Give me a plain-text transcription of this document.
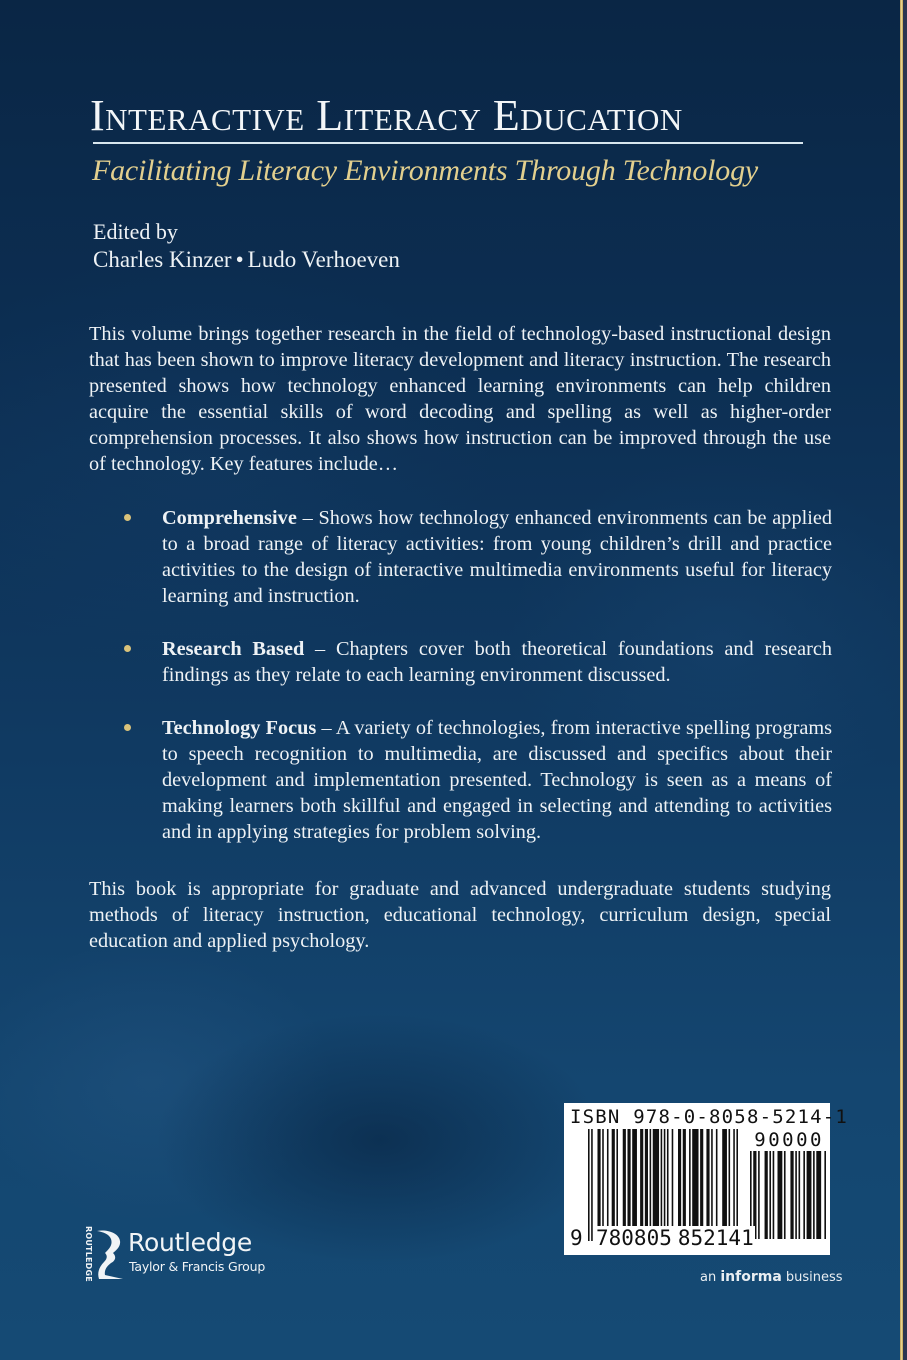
Interactive Literacy Education
Facilitating Literacy Environments Through Technology
Edited by
Charles Kinzer • Ludo Verhoeven

This volume brings together research in the field of technology-based instructional design that has been shown to improve literacy development and literacy instruction. The research presented shows how technology enhanced learning environments can help children acquire the essential skills of word decoding and spelling as well as higher-order comprehension processes. It also shows how instruction can be improved through the use of technology. Key features include…

Comprehensive – Shows how technology enhanced environments can be applied to a broad range of literacy activities: from young children’s drill and practice activities to the design of interactive multimedia environments useful for literacy learning and instruction.
Research Based – Chapters cover both theoretical foundations and research findings as they relate to each learning environment discussed.
Technology Focus – A variety of technologies, from interactive spelling programs to speech recognition to multimedia, are discussed and specifics about their development and implementation presented. Technology is seen as a means of making learners both skillful and engaged in selecting and attending to activities and in applying strategies for problem solving.

This book is appropriate for graduate and advanced undergraduate students studying methods of literacy instruction, educational technology, curriculum design, special education and applied psychology.

ROUTLEDGE Routledge
Taylor & Francis Group
ISBN 978-0-8058-5214-1
90000
9 780805 852141
an informa business
